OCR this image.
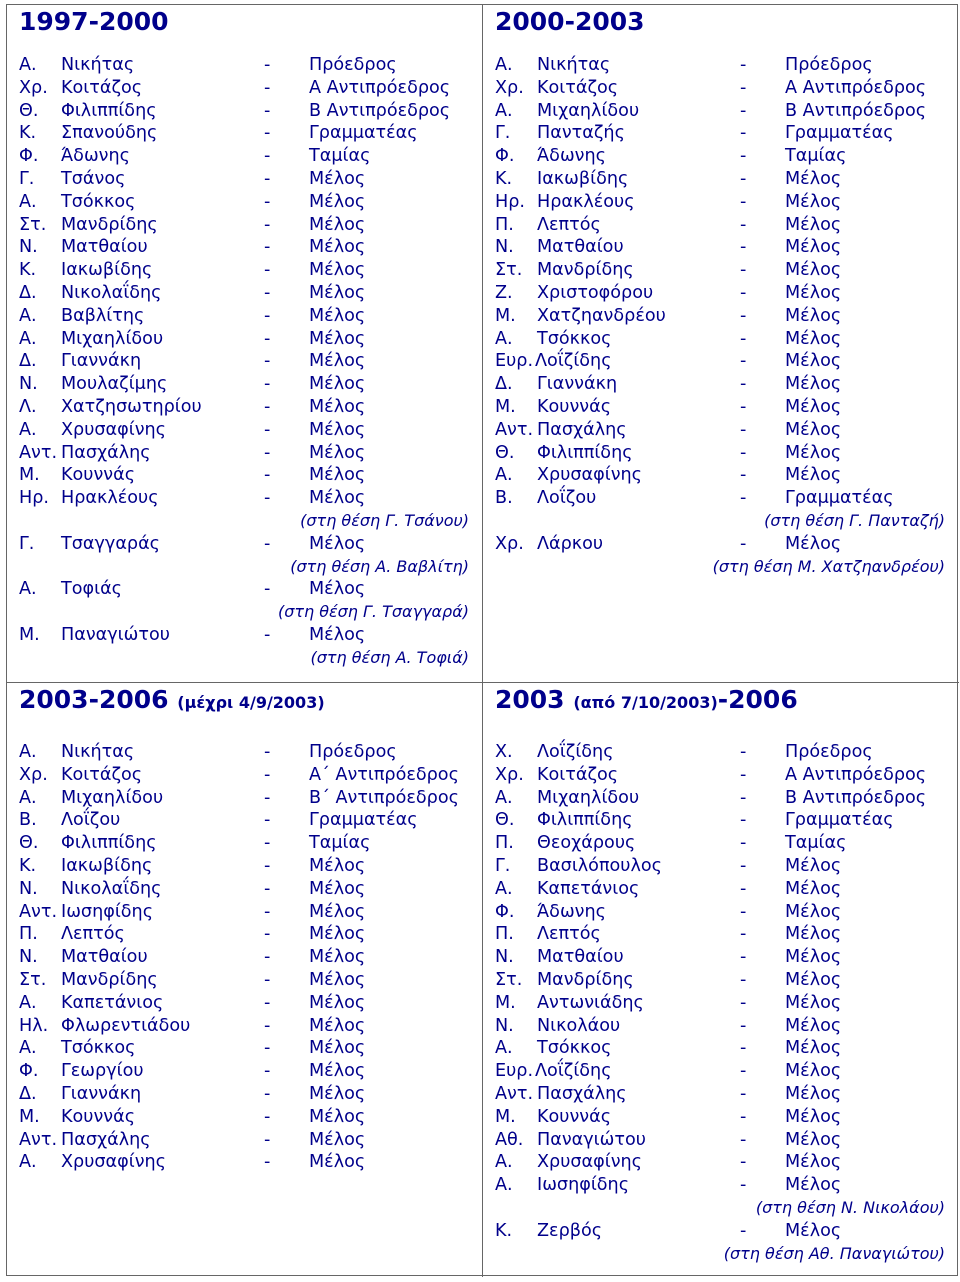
1997-2000
Α. Νικήτας	- Πρόεδρος
Χρ. Κοιτάζος	- Α Αντιπρόεδρος
Θ. Φιλιππίδης	- Β Αντιπρόεδρος
Κ. Σπανούδης	- Γραμματέας
Φ. Άδωνης	- Ταμίας
Γ. Τσάνος	- Μέλος
Α. Τσόκκος	- Μέλος
Στ. Μανδρίδης	- Μέλος
Ν. Ματθαίου	- Μέλος
Κ. Ιακωβίδης	- Μέλος
Δ. Νικολαΐδης	- Μέλος
Α. Βαβλίτης	- Μέλος
Α. Μιχαηλίδου	- Μέλος
Δ. Γιαννάκη	- Μέλος
Ν. Μουλαζίμης	- Μέλος
Λ. Χατζησωτηρίου	- Μέλος
Α. Χρυσαφίνης	- Μέλος
Αντ. Πασχάλης	- Μέλος
Μ. Κουννάς	- Μέλος
Ηρ. Ηρακλέους	- Μέλος
(στη θέση Γ. Τσάνου)
Γ. Τσαγγαράς	- Μέλος
(στη θέση Α. Βαβλίτη)
Α. Τοφιάς	- Μέλος
(στη θέση Γ. Τσαγγαρά)
Μ. Παναγιώτου	- Μέλος
(στη θέση Α. Τοφιά)
2000-2003
Α. Νικήτας	- Πρόεδρος
Χρ. Κοιτάζος	- Α Αντιπρόεδρος
Α. Μιχαηλίδου	- Β Αντιπρόεδρος
Γ. Πανταζής	- Γραμματέας
Φ. Άδωνης	- Ταμίας
Κ. Ιακωβίδης	- Μέλος
Ηρ. Ηρακλέους	- Μέλος
Π. Λεπτός	- Μέλος
Ν. Ματθαίου	- Μέλος
Στ. Μανδρίδης	- Μέλος
Ζ. Χριστοφόρου	- Μέλος
Μ. Χατζηανδρέου	- Μέλος
Α. Τσόκκος	- Μέλος
Ευρ. Λοΐζίδης	- Μέλος
Δ. Γιαννάκη	- Μέλος
Μ. Κουννάς	- Μέλος
Αντ. Πασχάλης	- Μέλος
Θ. Φιλιππίδης	- Μέλος
Α. Χρυσαφίνης	- Μέλος
Β. Λοΐζου	- Γραμματέας
(στη θέση Γ. Πανταζή)
Χρ. Λάρκου	- Μέλος
(στη θέση Μ. Χατζηανδρέου)
2003-2006 (μέχρι 4/9/2003)
Α. Νικήτας	- Πρόεδρος
Χρ. Κοιτάζος	- Α΄ Αντιπρόεδρος
Α. Μιχαηλίδου	- Β΄ Αντιπρόεδρος
Β. Λοΐζου	- Γραμματέας
Θ. Φιλιππίδης	- Ταμίας
Κ. Ιακωβίδης	- Μέλος
Ν. Νικολαΐδης	- Μέλος
Αντ. Ιωσηφίδης	- Μέλος
Π. Λεπτός	- Μέλος
Ν. Ματθαίου	- Μέλος
Στ. Μανδρίδης	- Μέλος
Α. Καπετάνιος	- Μέλος
Ηλ. Φλωρεντιάδου	- Μέλος
Α. Τσόκκος	- Μέλος
Φ. Γεωργίου	- Μέλος
Δ. Γιαννάκη	- Μέλος
Μ. Κουννάς	- Μέλος
Αντ. Πασχάλης	- Μέλος
Α. Χρυσαφίνης	- Μέλος
2003 (από 7/10/2003)-2006
Χ. Λοΐζίδης	- Πρόεδρος
Χρ. Κοιτάζος	- Α Αντιπρόεδρος
Α. Μιχαηλίδου	- Β Αντιπρόεδρος
Θ. Φιλιππίδης	- Γραμματέας
Π. Θεοχάρους	- Ταμίας
Γ. Βασιλόπουλος	- Μέλος
Α. Καπετάνιος	- Μέλος
Φ. Άδωνης	- Μέλος
Π. Λεπτός	- Μέλος
Ν. Ματθαίου	- Μέλος
Στ. Μανδρίδης	- Μέλος
Μ. Αντωνιάδης	- Μέλος
Ν. Νικολάου	- Μέλος
Α. Τσόκκος	- Μέλος
Ευρ. Λοΐζίδης	- Μέλος
Αντ. Πασχάλης	- Μέλος
Μ. Κουννάς	- Μέλος
Αθ. Παναγιώτου	- Μέλος
Α. Χρυσαφίνης	- Μέλος
Α. Ιωσηφίδης	- Μέλος
(στη θέση Ν. Νικολάου)
Κ. Ζερβός	- Μέλος
(στη θέση Αθ. Παναγιώτου)
